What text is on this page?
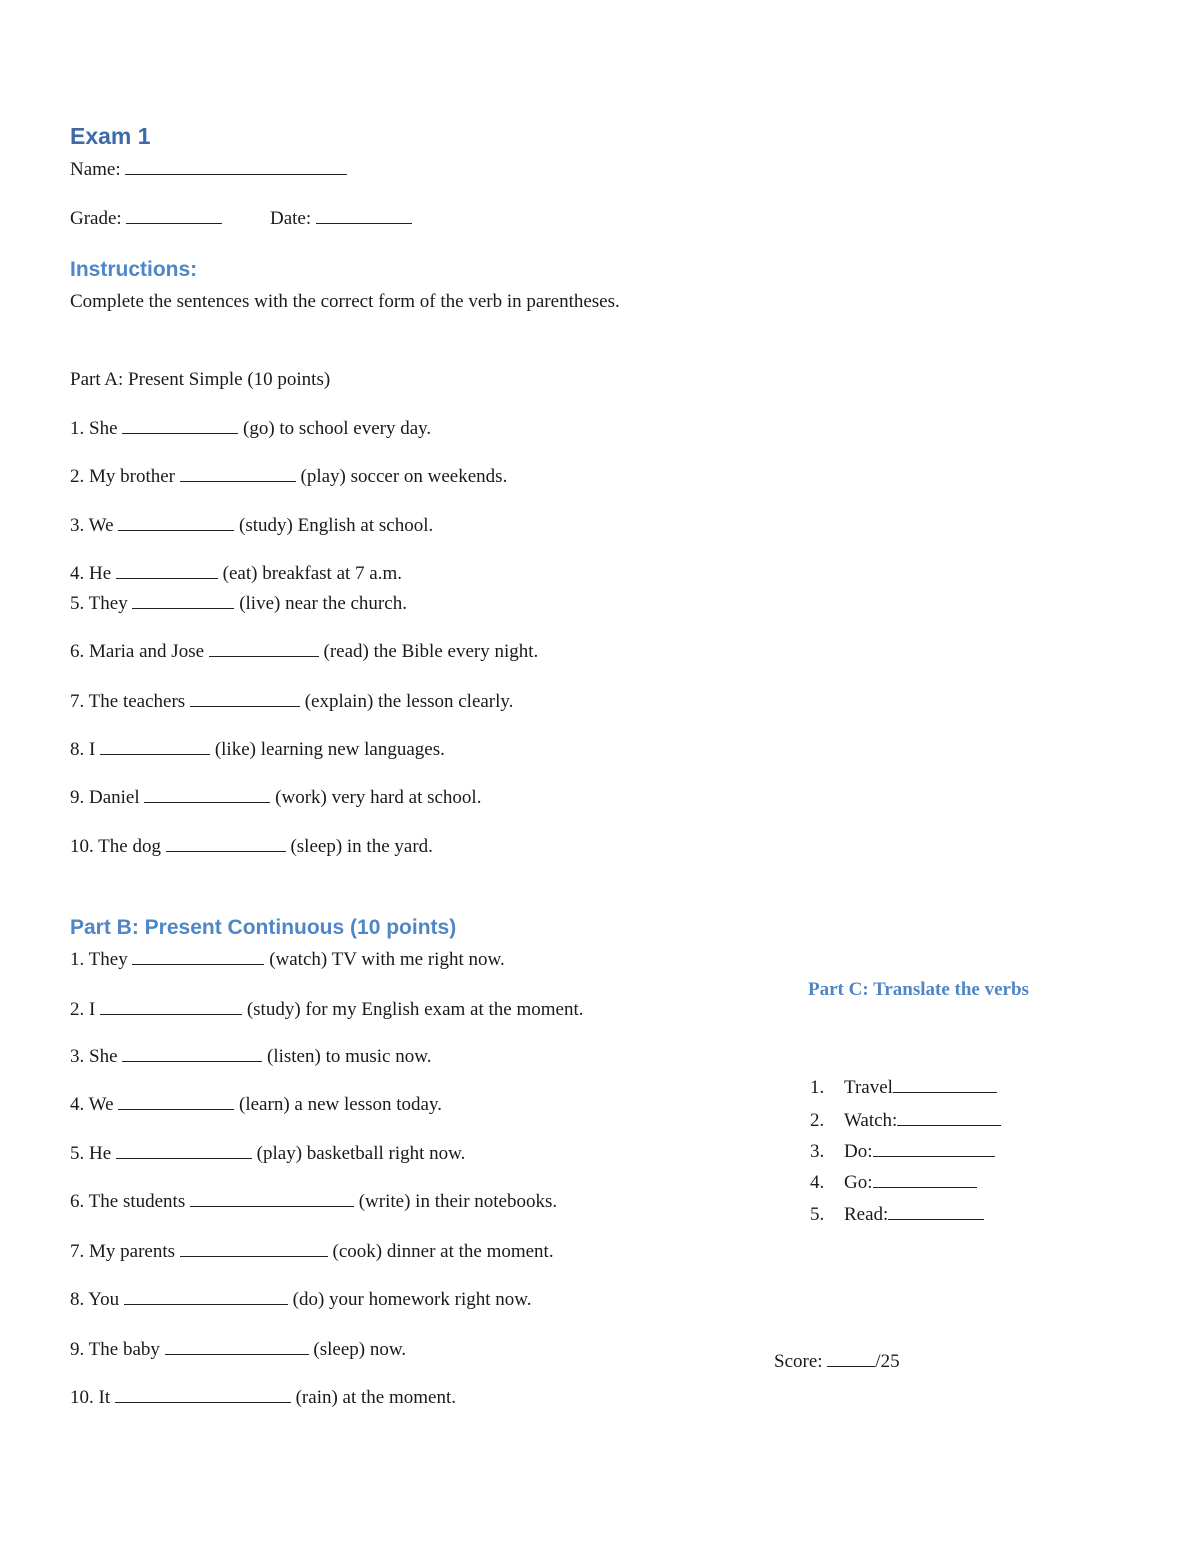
Exam 1
Name:
Grade:	Date:
Instructions:
Complete the sentences with the correct form of the verb in parentheses.
Part A: Present Simple (10 points)
1. She	(go) to school every day.
2. My brother	(play) soccer on weekends.
3. We	(study) English at school.
4. He	(eat) breakfast at 7 a.m.
5. They	(live) near the church.
6. Maria and Jose	(read) the Bible every night.
7. The teachers	(explain) the lesson clearly.
8. I	(like) learning new languages.
9. Daniel	(work) very hard at school.
10. The dog	(sleep) in the yard.
Part B: Present Continuous (10 points)
1. They	(watch) TV with me right now.
2. I	(study) for my English exam at the moment.
3. She	(listen) to music now.
4. We	(learn) a new lesson today.
5. He	(play) basketball right now.
6. The students	(write) in their notebooks.
7. My parents	(cook) dinner at the moment.
8. You	(do) your homework right now.
9. The baby	(sleep) now.
10. It	(rain) at the moment.
Part C: Translate the verbs
1. Travel
2. Watch:
3. Do:
4. Go:
5. Read:
Score:	/25
